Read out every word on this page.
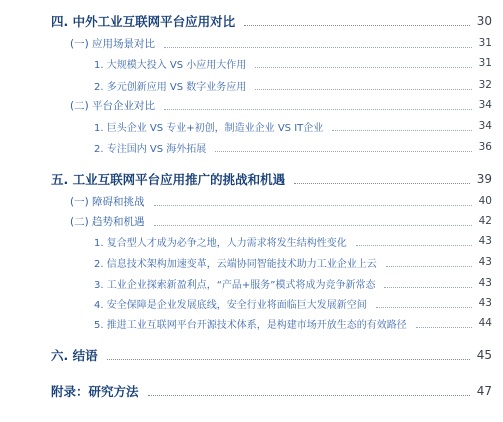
四. 中外工业互联网平台应用对比	30
(一) 应用场景对比	31
1. 大规模大投入 VS 小应用大作用	31
2. 多元创新应用 VS 数字业务应用	32
(二) 平台企业对比	34
1. 巨头企业 VS 专业+初创，制造业企业 VS IT企业	34
2. 专注国内 VS 海外拓展	36
五. 工业互联网平台应用推广的挑战和机遇	39
(一) 障碍和挑战	40
(二) 趋势和机遇	42
1. 复合型人才成为必争之地，人力需求将发生结构性变化	43
2. 信息技术架构加速变革，云端协同智能技术助力工业企业上云	43
3. 工业企业探索新盈利点，“产品+服务”模式将成为竞争新常态	43
4. 安全保障是企业发展底线，安全行业将面临巨大发展新空间	43
5. 推进工业互联网平台开源技术体系，是构建市场开放生态的有效路径	44
六. 结语	45
附录：研究方法	47
